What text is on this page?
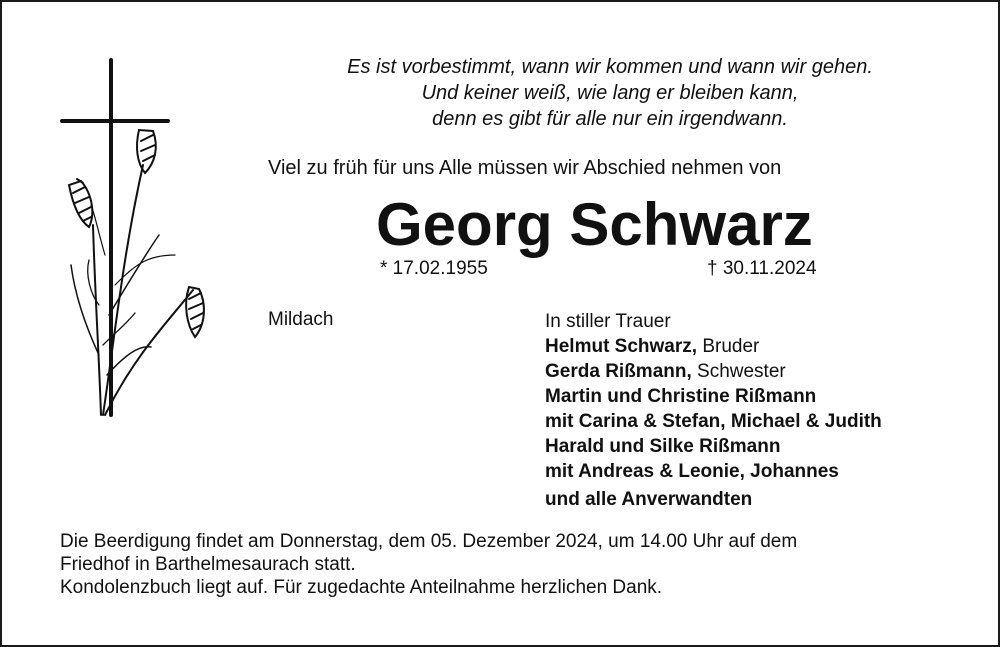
Es ist vorbestimmt, wann wir kommen und wann wir gehen.
Und keiner weiß, wie lang er bleiben kann,
denn es gibt für alle nur ein irgendwann.
Viel zu früh für uns Alle müssen wir Abschied nehmen von
Georg Schwarz
* 17.02.1955	† 30.11.2024
Mildach	In stiller Trauer
Helmut Schwarz, Bruder
Gerda Rißmann, Schwester
Martin und Christine Rißmann
mit Carina & Stefan, Michael & Judith
Harald und Silke Rißmann
mit Andreas & Leonie, Johannes
und alle Anverwandten
Die Beerdigung findet am Donnerstag, dem 05. Dezember 2024, um 14.00 Uhr auf dem
Friedhof in Barthelmesaurach statt.
Kondolenzbuch liegt auf. Für zugedachte Anteilnahme herzlichen Dank.
